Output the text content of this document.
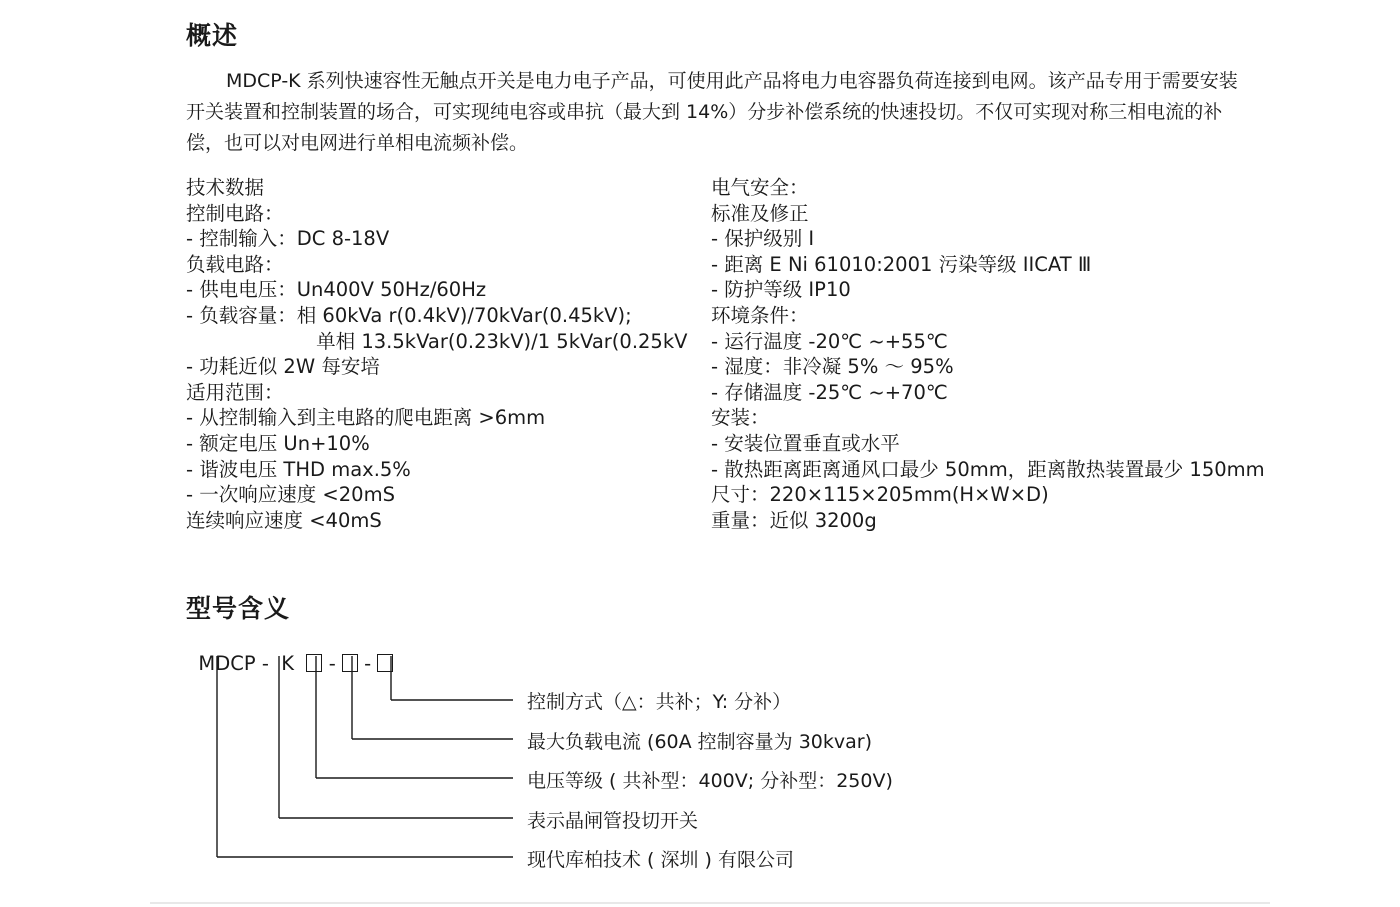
概述

MDCP-K 系列快速容性无触点开关是电力电子产品，可使用此产品将电力电容器负荷连接到电网。该产品专用于需要安装开关装置和控制装置的场合，可实现纯电容或串抗（最大到 14%）分步补偿系统的快速投切。不仅可实现对称三相电流的补偿，也可以对电网进行单相电流频补偿。

技术数据
控制电路：
- 控制输入：DC 8-18V
负载电路：
- 供电电压：Un400V 50Hz/60Hz
- 负载容量：相 60kVa r(0.4kV)/70kVar(0.45kV);
单相 13.5kVar(0.23kV)/1 5kVar(0.25kV
- 功耗近似 2W 每安培
适用范围：
- 从控制输入到主电路的爬电距离 >6mm
- 额定电压 Un+10%
- 谐波电压 THD max.5%
- 一次响应速度 <20mS
连续响应速度 <40mS
电气安全：
标准及修正
- 保护级别 I
- 距离 E Ni 61010:2001 污染等级 IICAT Ⅲ
- 防护等级 IP10
环境条件：
- 运行温度 -20℃ ~+55℃
- 湿度：非冷凝 5% ～ 95%
- 存储温度 -25℃ ~+70℃
安装：
- 安装位置垂直或水平
- 散热距离距离通风口最少 50mm，距离散热装置最少 150mm
尺寸：220×115×205mm(H×W×D)
重量：近似 3200g
型号含义

MDCP - K - -

控制方式（△：共补；Y: 分补）
最大负载电流 (60A 控制容量为 30kvar)
电压等级 ( 共补型：400V; 分补型：250V)
表示晶闸管投切开关
现代库柏技术 ( 深圳 ) 有限公司
